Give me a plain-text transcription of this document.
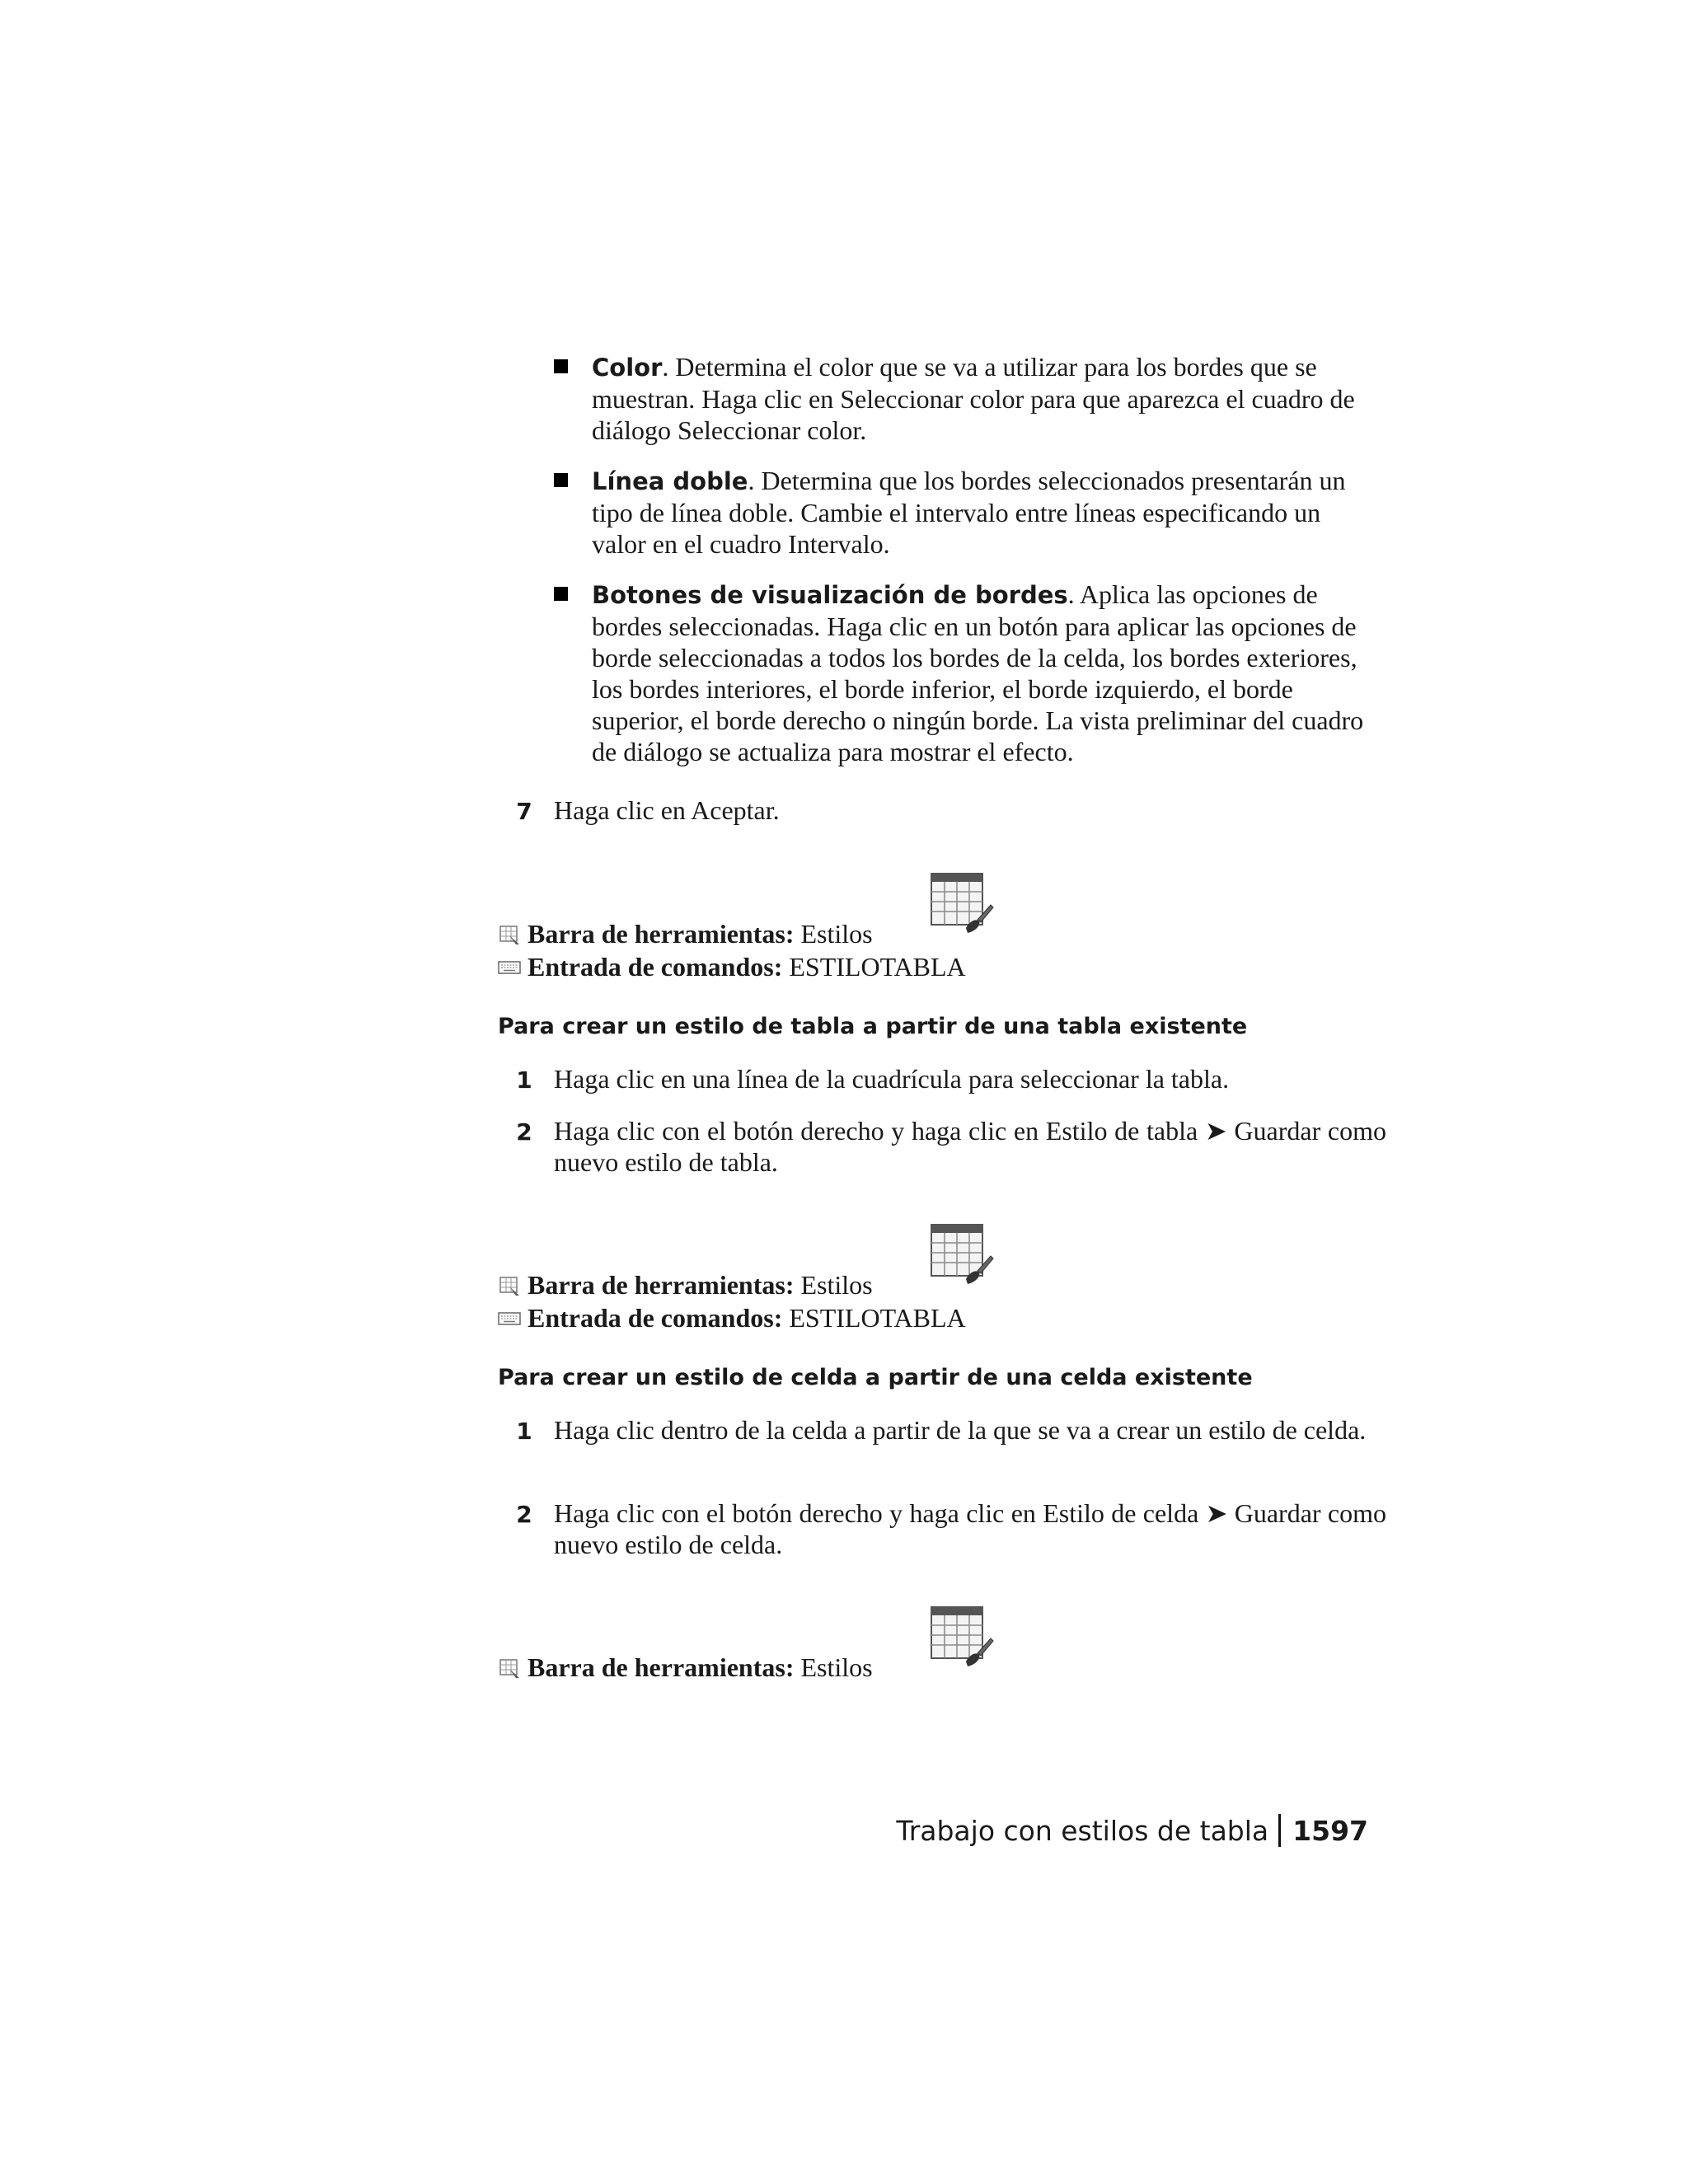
Color. Determina el color que se va a utilizar para los bordes que se muestran. Haga clic en Seleccionar color para que aparezca el cuadro de diálogo Seleccionar color.
Línea doble. Determina que los bordes seleccionados presentarán un tipo de línea doble. Cambie el intervalo entre líneas especificando un valor en el cuadro Intervalo.
Botones de visualización de bordes. Aplica las opciones de bordes seleccionadas. Haga clic en un botón para aplicar las opciones de borde seleccionadas a todos los bordes de la celda, los bordes exteriores, los bordes interiores, el borde inferior, el borde izquierdo, el borde superior, el borde derecho o ningún borde. La vista preliminar del cuadro de diálogo se actualiza para mostrar el efecto.
7 Haga clic en Aceptar.
Barra de herramientas: Estilos
Entrada de comandos: ESTILOTABLA
Para crear un estilo de tabla a partir de una tabla existente
1 Haga clic en una línea de la cuadrícula para seleccionar la tabla.
2 Haga clic con el botón derecho y haga clic en Estilo de tabla ➤ Guardar como nuevo estilo de tabla.
Barra de herramientas: Estilos
Entrada de comandos: ESTILOTABLA
Para crear un estilo de celda a partir de una celda existente
1 Haga clic dentro de la celda a partir de la que se va a crear un estilo de celda.
2 Haga clic con el botón derecho y haga clic en Estilo de celda ➤ Guardar como nuevo estilo de celda.
Barra de herramientas: Estilos
Trabajo con estilos de tabla 1597
